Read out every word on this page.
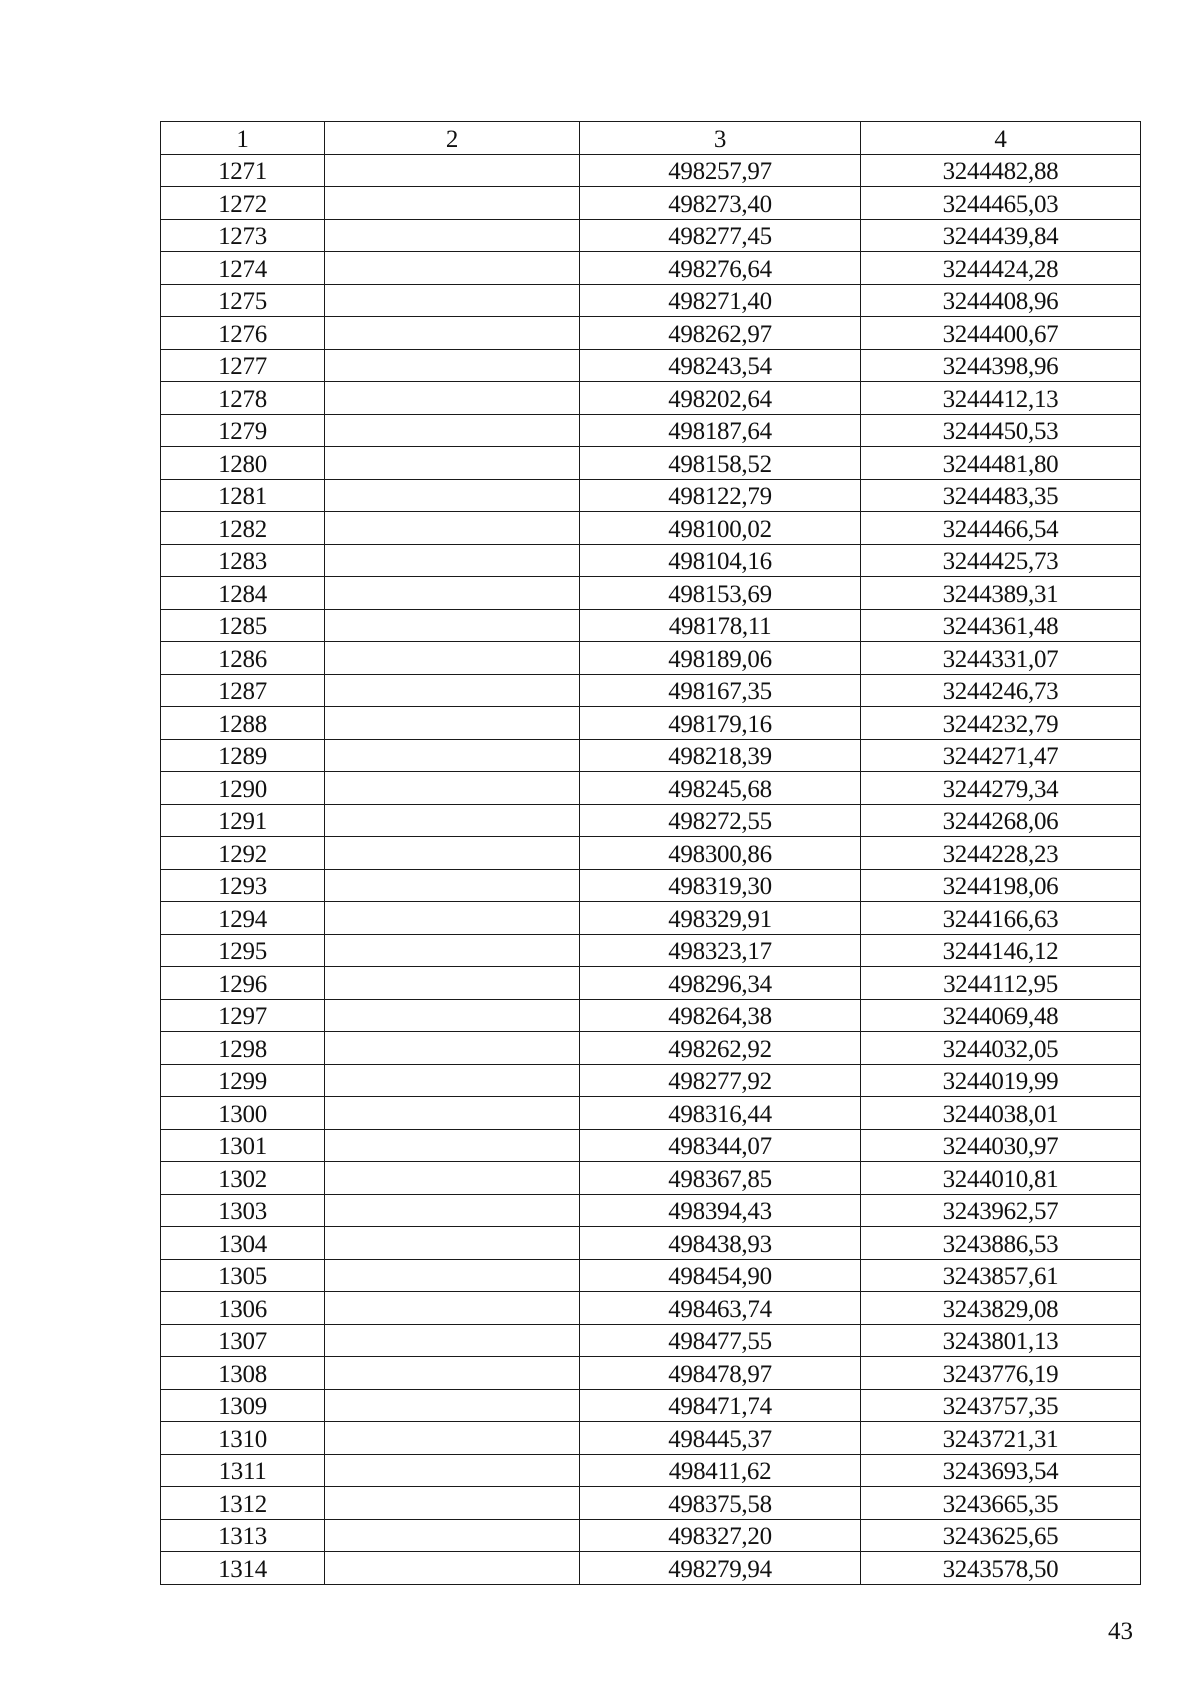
1	2	3	4
1271		498257,97	3244482,88
1272		498273,40	3244465,03
1273		498277,45	3244439,84
1274		498276,64	3244424,28
1275		498271,40	3244408,96
1276		498262,97	3244400,67
1277		498243,54	3244398,96
1278		498202,64	3244412,13
1279		498187,64	3244450,53
1280		498158,52	3244481,80
1281		498122,79	3244483,35
1282		498100,02	3244466,54
1283		498104,16	3244425,73
1284		498153,69	3244389,31
1285		498178,11	3244361,48
1286		498189,06	3244331,07
1287		498167,35	3244246,73
1288		498179,16	3244232,79
1289		498218,39	3244271,47
1290		498245,68	3244279,34
1291		498272,55	3244268,06
1292		498300,86	3244228,23
1293		498319,30	3244198,06
1294		498329,91	3244166,63
1295		498323,17	3244146,12
1296		498296,34	3244112,95
1297		498264,38	3244069,48
1298		498262,92	3244032,05
1299		498277,92	3244019,99
1300		498316,44	3244038,01
1301		498344,07	3244030,97
1302		498367,85	3244010,81
1303		498394,43	3243962,57
1304		498438,93	3243886,53
1305		498454,90	3243857,61
1306		498463,74	3243829,08
1307		498477,55	3243801,13
1308		498478,97	3243776,19
1309		498471,74	3243757,35
1310		498445,37	3243721,31
1311		498411,62	3243693,54
1312		498375,58	3243665,35
1313		498327,20	3243625,65
1314		498279,94	3243578,50
43
